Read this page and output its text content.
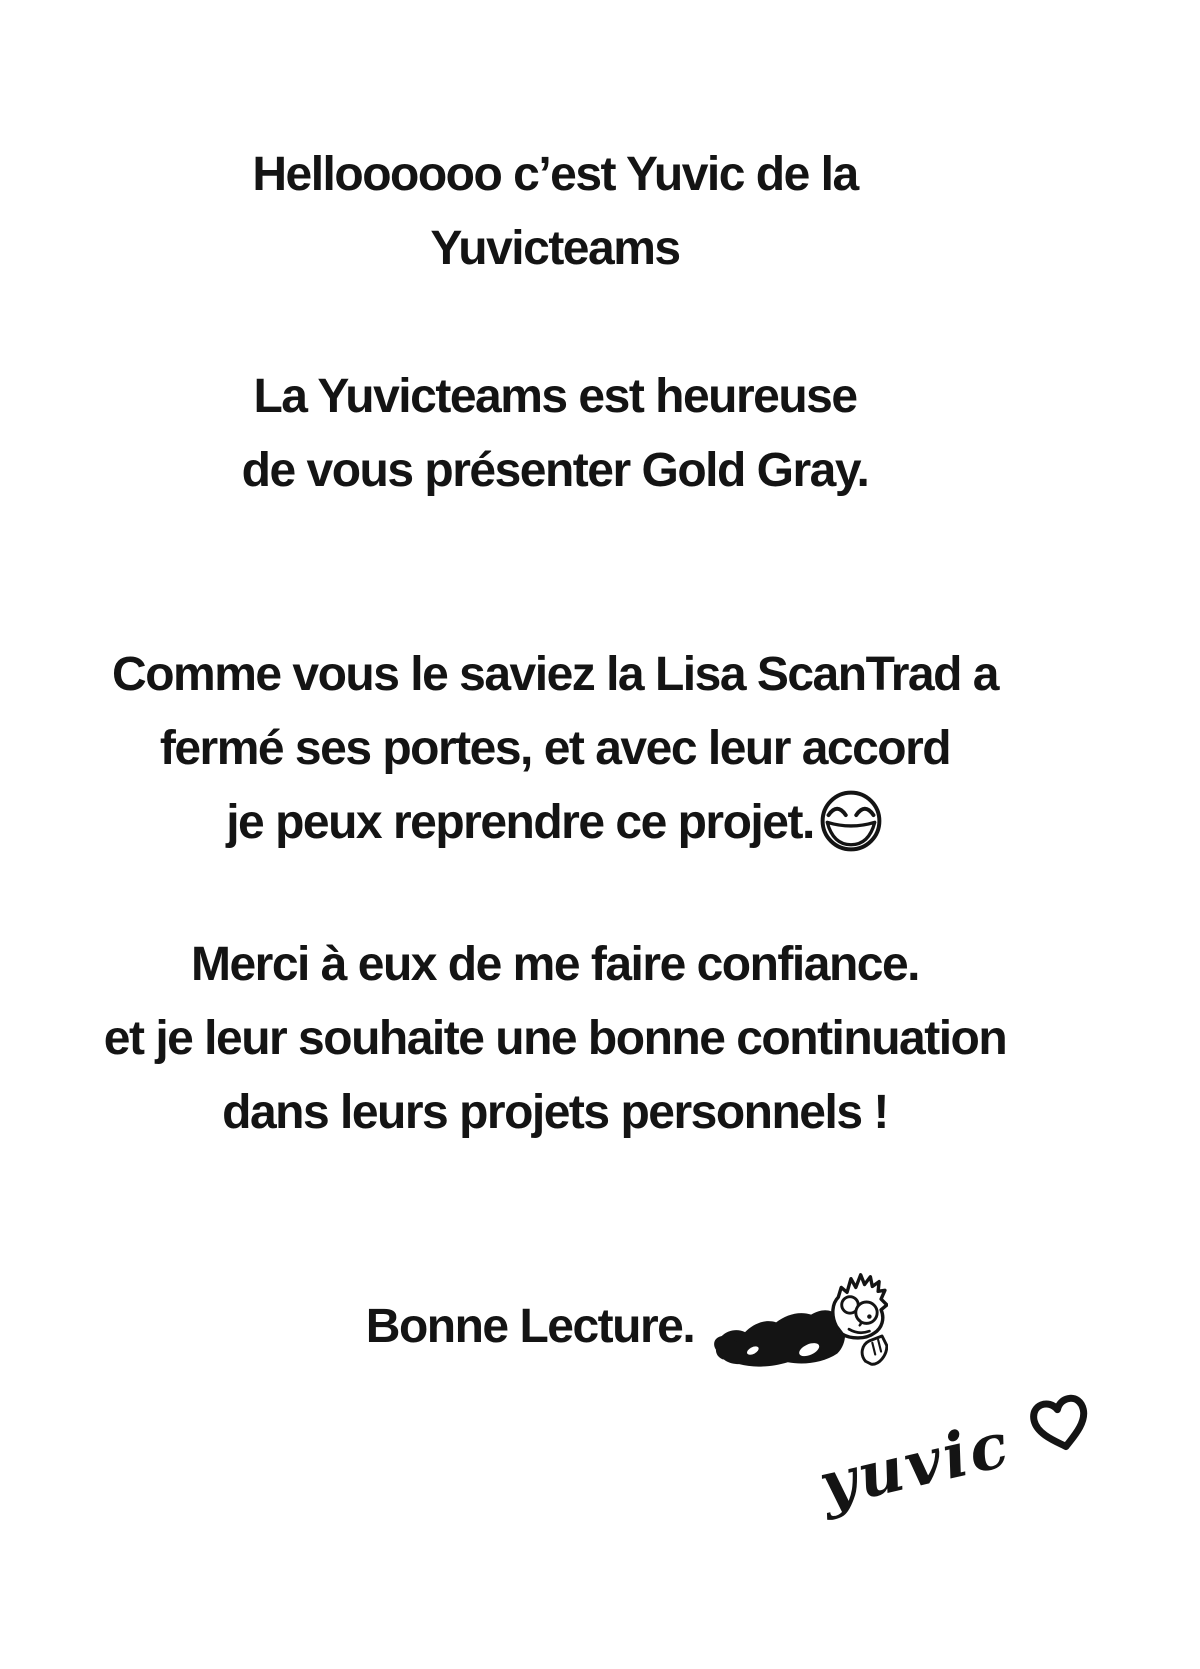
Helloooooo c’est Yuvic de la
Yuvicteams
La Yuvicteams est heureuse
de vous présenter Gold Gray.
Comme vous le saviez la Lisa ScanTrad a
fermé ses portes, et avec leur accord
je peux reprendre ce projet.
Merci à eux de me faire confiance.
et je leur souhaite une bonne continuation
dans leurs projets personnels !
Bonne Lecture.
yuvic
